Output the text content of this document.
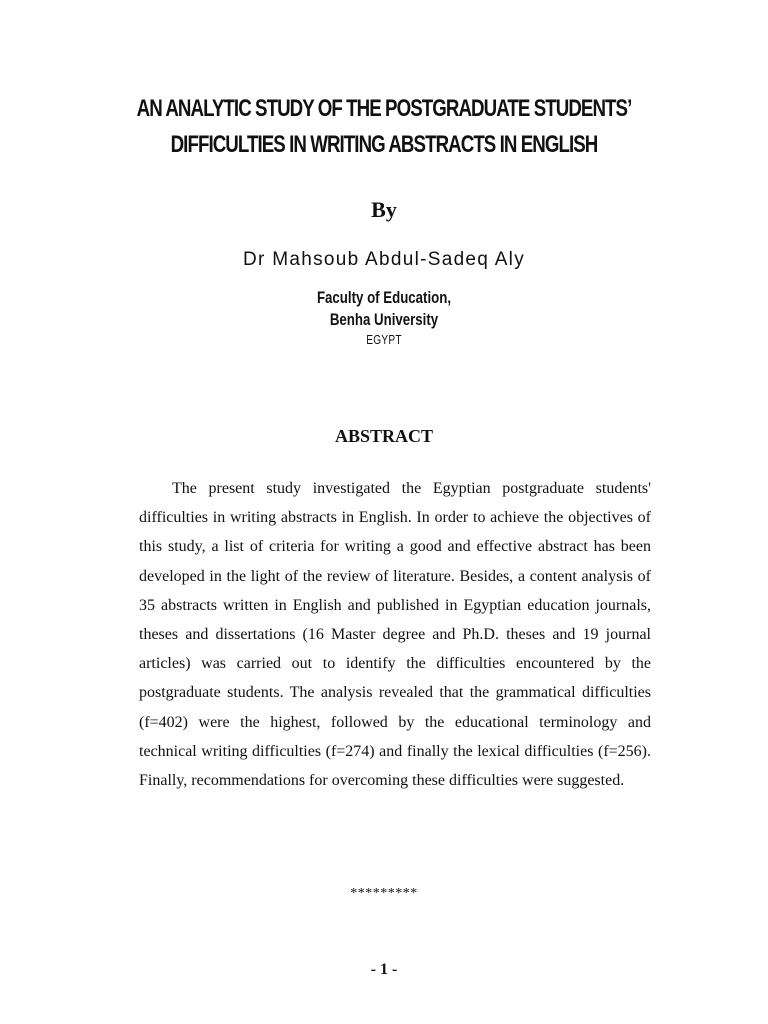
AN ANALYTIC STUDY OF THE POSTGRADUATE STUDENTS’
DIFFICULTIES IN WRITING ABSTRACTS IN ENGLISH
By
Dr Mahsoub Abdul-Sadeq Aly
Faculty of Education,
Benha University
EGYPT
ABSTRACT

The present study investigated the Egyptian postgraduate students' difficulties in writing abstracts in English. In order to achieve the objectives of this study, a list of criteria for writing a good and effective abstract has been developed in the light of the review of literature. Besides, a content analysis of 35 abstracts written in English and published in Egyptian education journals, theses and dissertations (16 Master degree and Ph.D. theses and 19 journal articles) was carried out to identify the difficulties encountered by the postgraduate students. The analysis revealed that the grammatical difficulties (f=402) were the highest, followed by the educational terminology and technical writing difficulties (f=274) and finally the lexical difficulties (f=256). Finally, recommendations for overcoming these difficulties were suggested.

*********
- 1 -
